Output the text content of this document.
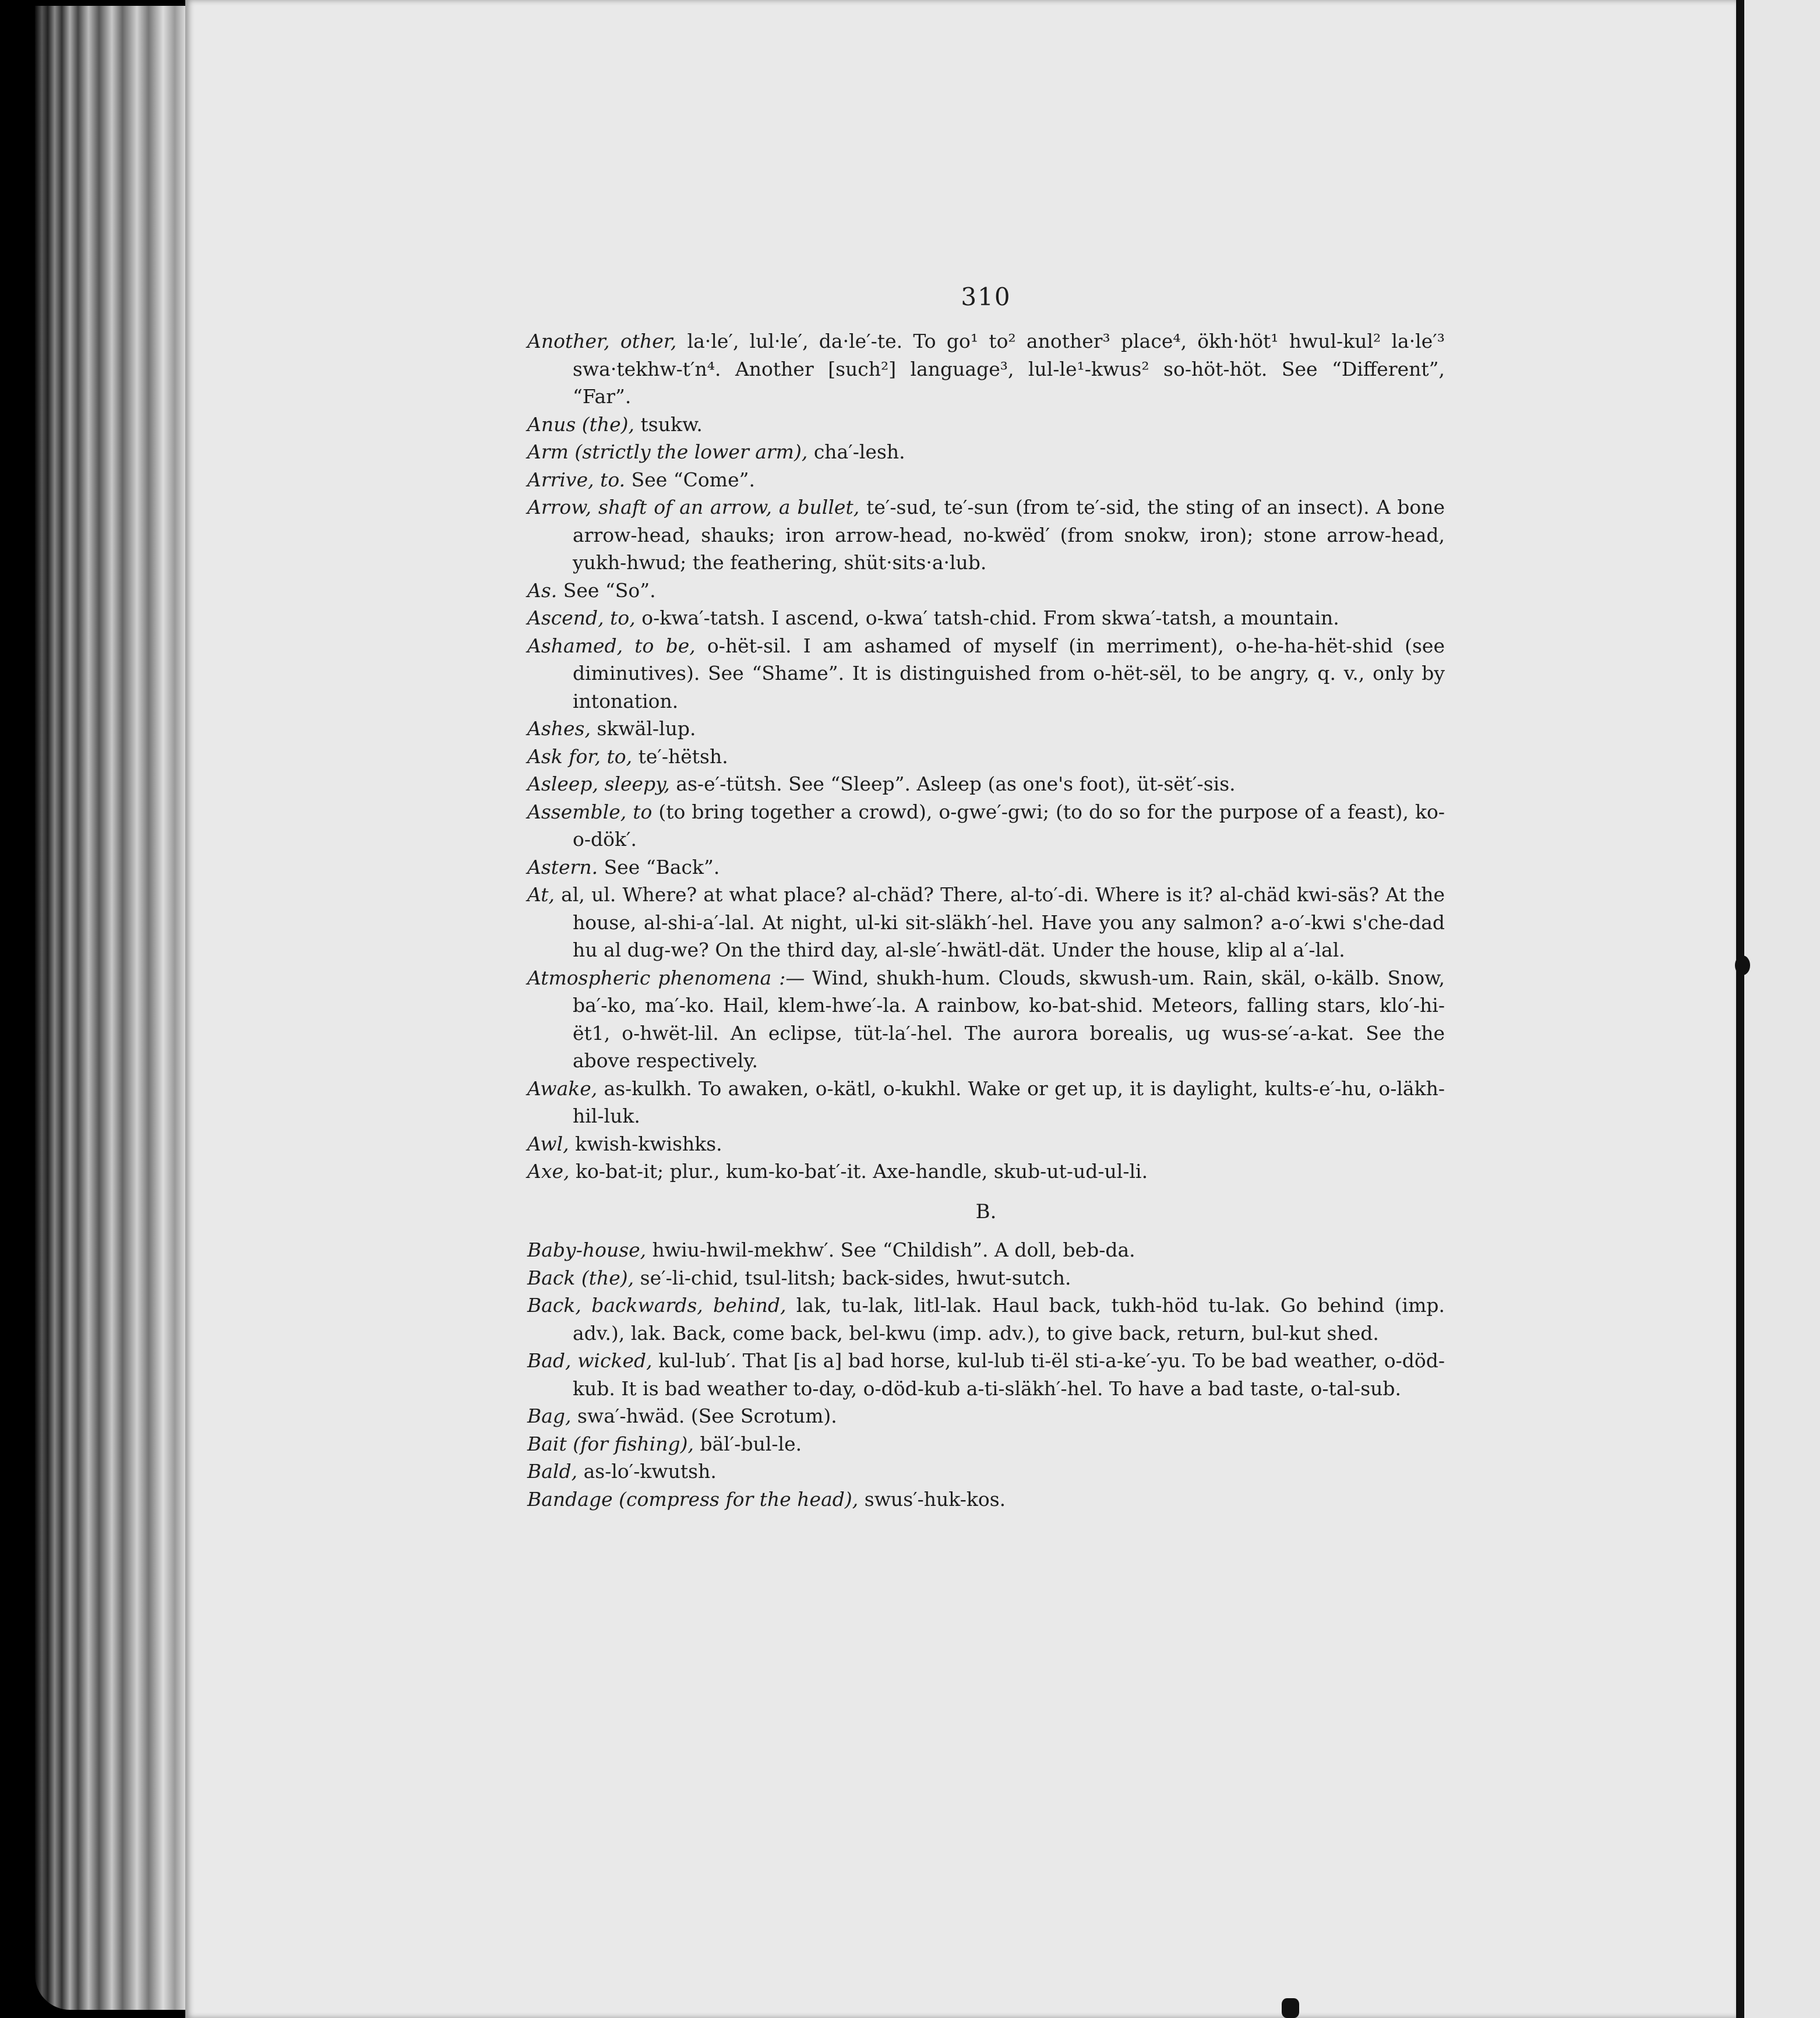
310

Another, other, la·le′, lul·le′, da·le′-te. To go¹ to² another³ place⁴, ökh·höt¹ hwul-kul² la·le′³ swa·tekhw-t′n⁴. Another [such²] language³, lul-le¹-kwus² so-höt-höt. See “Different”, “Far”.

Anus (the), tsukw.

Arm (strictly the lower arm), cha′-lesh.

Arrive, to. See “Come”.

Arrow, shaft of an arrow, a bullet, te′-sud, te′-sun (from te′-sid, the sting of an insect). A bone arrow-head, shauks; iron arrow-head, no-kwëd′ (from snokw, iron); stone arrow-head, yukh-hwud; the feathering, shüt·sits·a·lub.

As. See “So”.

Ascend, to, o-kwa′-tatsh. I ascend, o-kwa′ tatsh-chid. From skwa′-tatsh, a mountain.

Ashamed, to be, o-hët-sil. I am ashamed of myself (in merriment), o-he-ha-hët-shid (see diminutives). See “Shame”. It is distinguished from o-hët-sël, to be angry, q. v., only by intonation.

Ashes, skwäl-lup.

Ask for, to, te′-hëtsh.

Asleep, sleepy, as-e′-tütsh. See “Sleep”. Asleep (as one's foot), üt-sët′-sis.

Assemble, to (to bring together a crowd), o-gwe′-gwi; (to do so for the purpose of a feast), ko-o-dök′.

Astern. See “Back”.

At, al, ul. Where? at what place? al-chäd? There, al-to′-di. Where is it? al-chäd kwi-säs? At the house, al-shi-a′-lal. At night, ul-ki sit-släkh′-hel. Have you any salmon? a-o′-kwi s'che-dad hu al dug-we? On the third day, al-sle′-hwätl-dät. Under the house, klip al a′-lal.

Atmospheric phenomena :— Wind, shukh-hum. Clouds, skwush-um. Rain, skäl, o-kälb. Snow, ba′-ko, ma′-ko. Hail, klem-hwe′-la. A rainbow, ko-bat-shid. Meteors, falling stars, klo′-hi-ët1, o-hwët-lil. An eclipse, tüt-la′-hel. The aurora borealis, ug wus-se′-a-kat. See the above respectively.

Awake, as-kulkh. To awaken, o-kätl, o-kukhl. Wake or get up, it is daylight, kults-e′-hu, o-läkh-hil-luk.

Awl, kwish-kwishks.

Axe, ko-bat-it; plur., kum-ko-bat′-it. Axe-handle, skub-ut-ud-ul-li.

B.

Baby-house, hwiu-hwil-mekhw′. See “Childish”. A doll, beb-da.

Back (the), se′-li-chid, tsul-litsh; back-sides, hwut-sutch.

Back, backwards, behind, lak, tu-lak, litl-lak. Haul back, tukh-höd tu-lak. Go behind (imp. adv.), lak. Back, come back, bel-kwu (imp. adv.), to give back, return, bul-kut shed.

Bad, wicked, kul-lub′. That [is a] bad horse, kul-lub ti-ël sti-a-ke′-yu. To be bad weather, o-död-kub. It is bad weather to-day, o-död-kub a-ti-släkh′-hel. To have a bad taste, o-tal-sub.

Bag, swa′-hwäd. (See Scrotum).

Bait (for fishing), bäl′-bul-le.

Bald, as-lo′-kwutsh.

Bandage (compress for the head), swus′-huk-kos.
